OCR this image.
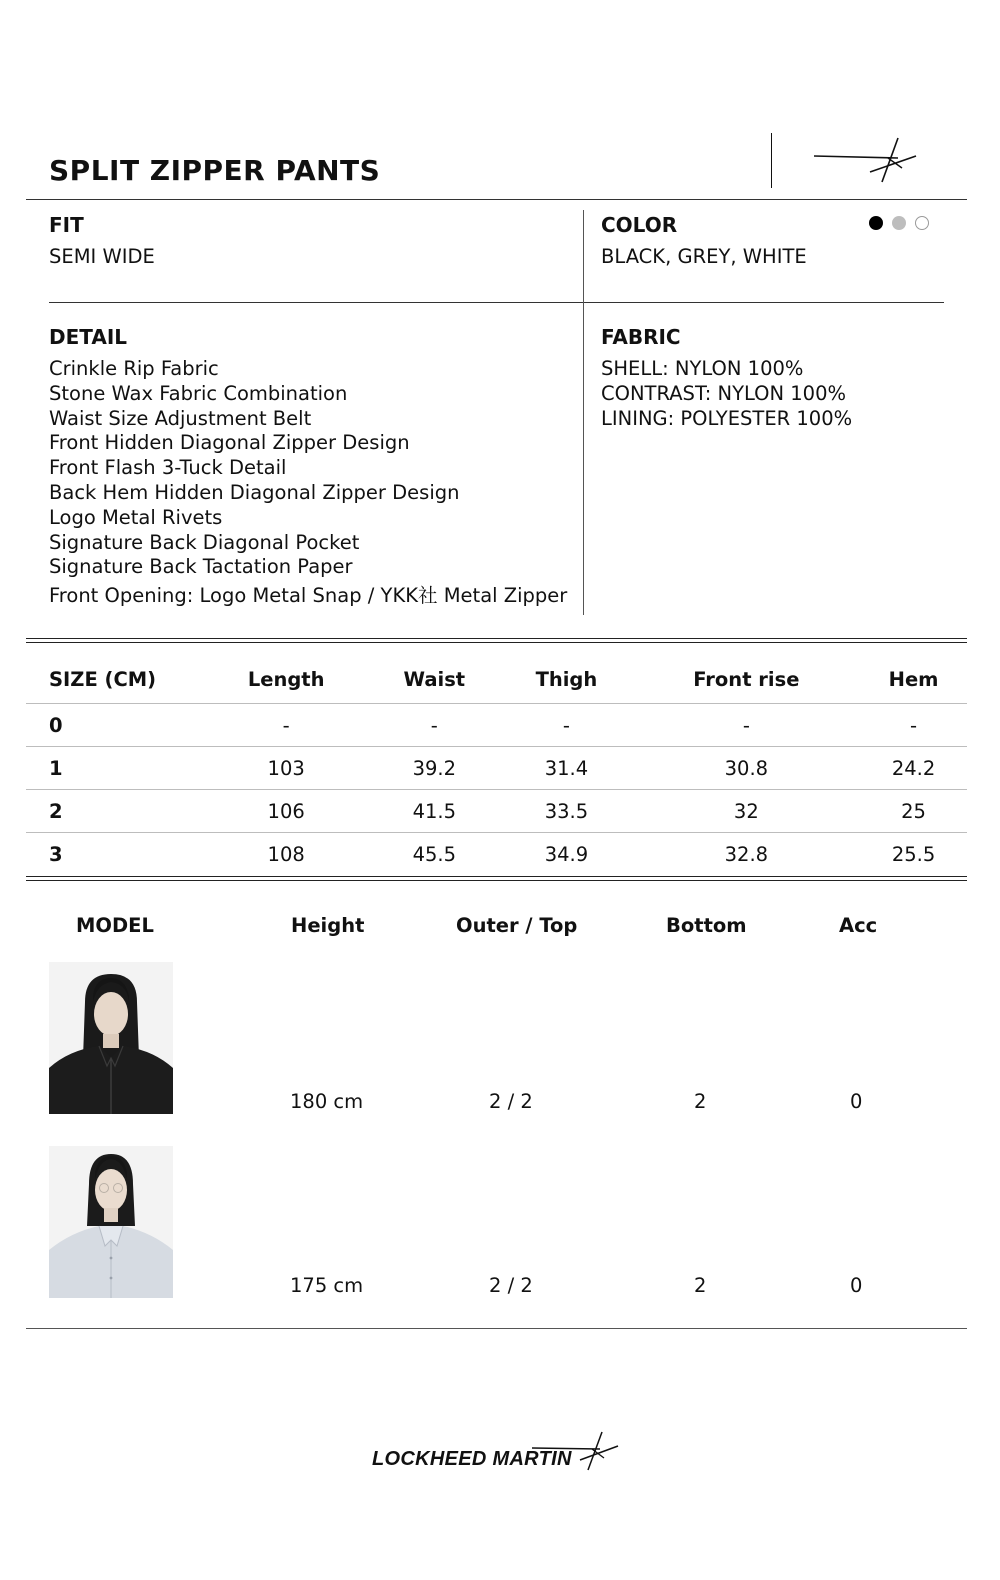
SPLIT ZIPPER PANTS
FIT
SEMI WIDE
COLOR
BLACK, GREY, WHITE
DETAIL
Crinkle Rip Fabric
Stone Wax Fabric Combination
Waist Size Adjustment Belt
Front Hidden Diagonal Zipper Design
Front Flash 3-Tuck Detail
Back Hem Hidden Diagonal Zipper Design
Logo Metal Rivets
Signature Back Diagonal Pocket
Signature Back Tactation Paper
Front Opening: Logo Metal Snap / YKK社 Metal Zipper
FABRIC
SHELL: NYLON 100%
CONTRAST: NYLON 100%
LINING: POLYESTER 100%
SIZE (CM)	Length	Waist	Thigh	Front rise	Hem
0	-	-	-	-	-
1	103	39.2	31.4	30.8	24.2
2	106	41.5	33.5	32	25
3	108	45.5	34.9	32.8	25.5
MODEL	Height	Outer / Top	Bottom	Acc
180 cm	2 / 2	2	0
175 cm	2 / 2	2	0
LOCKHEED MARTIN
